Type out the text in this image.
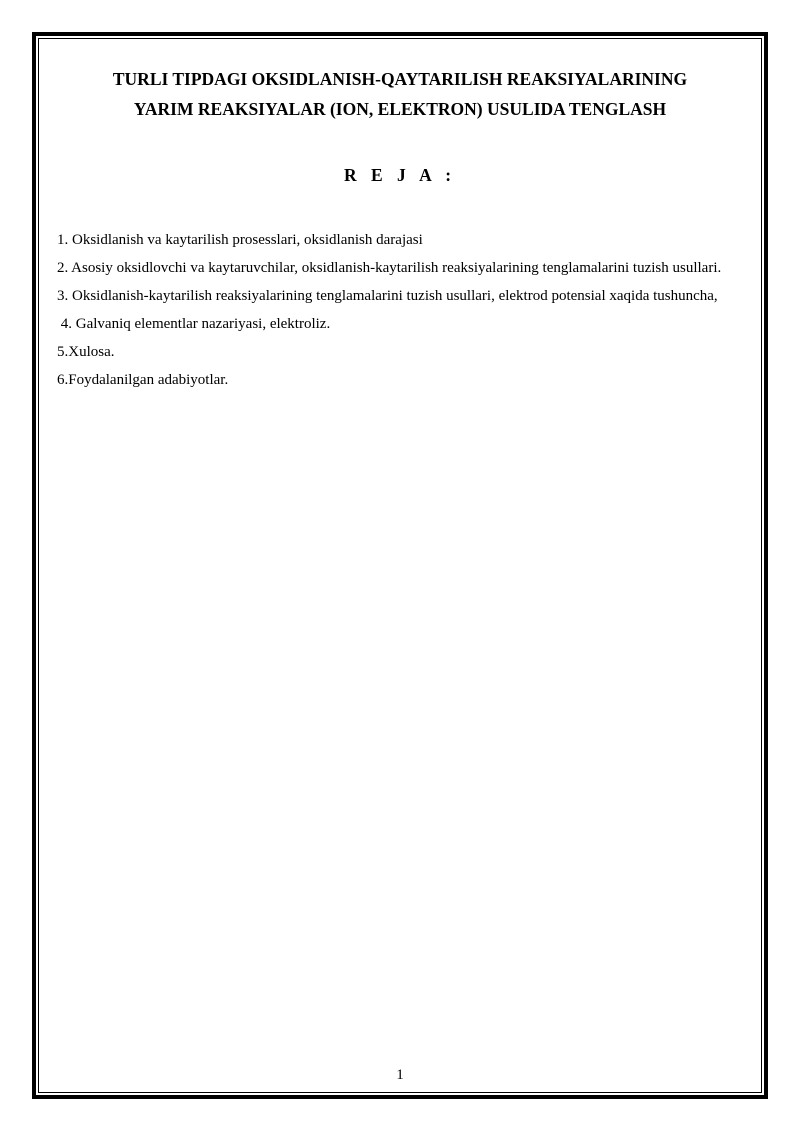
TURLI TIPDAGI OKSIDLANISH-QAYTARILISH REAKSIYALARINING
YARIM REAKSIYALAR (ION, ELEKTRON) USULIDA TENGLASH
R E J A :

1. Oksidlanish va kaytarilish prosesslari, oksidlanish darajasi

2. Asosiy oksidlovchi va kaytaruvchilar, oksidlanish-kaytarilish reaksiyalarining tenglamalarini tuzish usullari.

3. Oksidlanish-kaytarilish reaksiyalarining tenglamalarini tuzish usullari, elektrod potensial xaqida tushuncha,

4. Galvaniq elementlar nazariyasi, elektroliz.

5.Xulosa.

6.Foydalanilgan adabiyotlar.

1
